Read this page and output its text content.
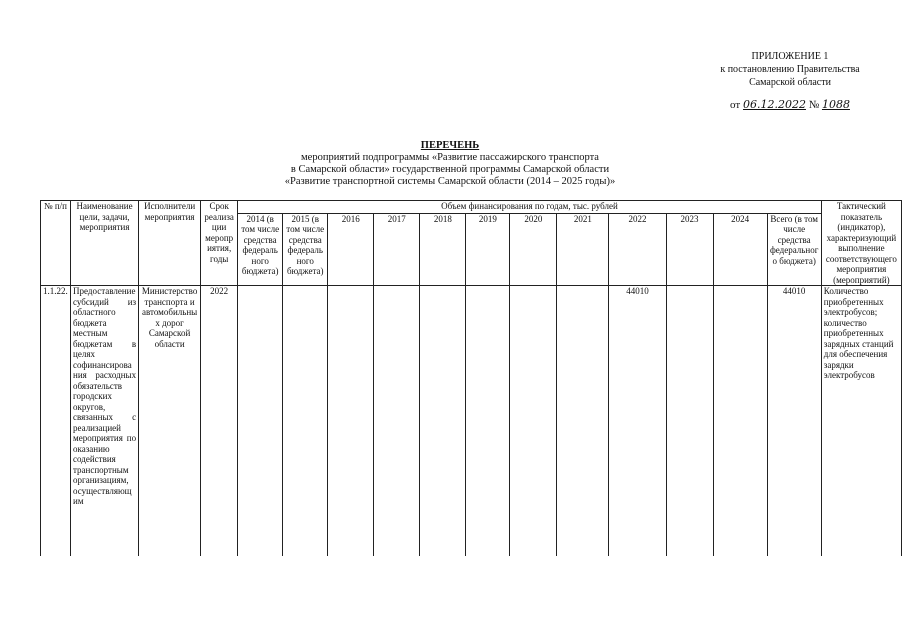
ПРИЛОЖЕНИЕ 1
к постановлению Правительства
Самарской области
от 06.12.2022 № 1088
ПЕРЕЧЕНЬ
мероприятий подпрограммы «Развитие пассажирского транспорта
в Самарской области» государственной программы Самарской области
«Развитие транспортной системы Самарской области (2014 – 2025 годы)»
№ п/п	Наименование цели, задачи, мероприятия	Исполнители мероприятия	Срок реализации мероприятия, годы	Объем финансирования по годам, тыс. рублей												Тактический показатель (индикатор), характеризующий выполнение соответствующего мероприятия (мероприятий)
				2014 (в том числе средства федерального бюджета)	2015 (в том числе средства федерального бюджета)	2016	2017	2018	2019	2020	2021	2022	2023	2024	Всего (в том числе средства федерального бюджета)	
1.1.22.	Предоставление субсидий из областного бюджета местным бюджетам в целях софинансирования расходных обязательств городских округов, связанных с реализацией мероприятия по оказанию содействия транспортным организациям, осуществляющим	Министерство транспорта и автомобильных дорог Самарской области	2022									44010			44010	Количество приобретенных электробусов; количество приобретенных зарядных станций для обеспечения зарядки электробусов
